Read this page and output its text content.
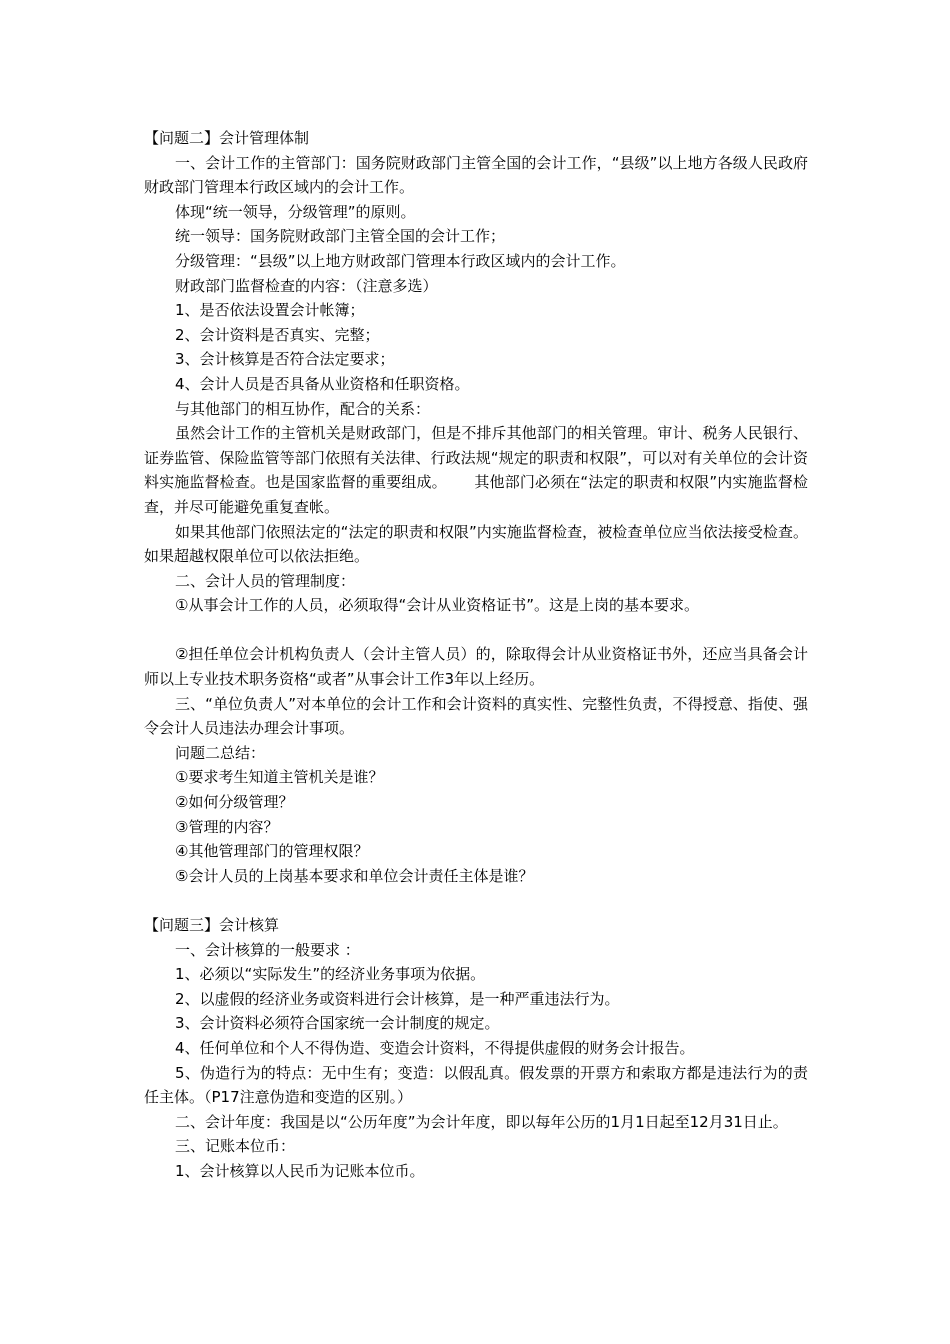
【问题二】会计管理体制

一、会计工作的主管部门：国务院财政部门主管全国的会计工作，“县级”以上地方各级人民政府财政部门管理本行政区域内的会计工作。

体现“统一领导，分级管理”的原则。

统一领导：国务院财政部门主管全国的会计工作；

分级管理：“县级”以上地方财政部门管理本行政区域内的会计工作。

财政部门监督检查的内容：（注意多选）

1、是否依法设置会计帐簿；

2、会计资料是否真实、完整；

3、会计核算是否符合法定要求；

4、会计人员是否具备从业资格和任职资格。

与其他部门的相互协作，配合的关系：

虽然会计工作的主管机关是财政部门，但是不排斥其他部门的相关管理。审计、税务人民银行、证券监管、保险监管等部门依照有关法律、行政法规“规定的职责和权限”，可以对有关单位的会计资料实施监督检查。也是国家监督的重要组成。　　 其他部门必须在“法定的职责和权限”内实施监督检查，并尽可能避免重复查帐。

如果其他部门依照法定的“法定的职责和权限”内实施监督检查，被检查单位应当依法接受检查。如果超越权限单位可以依法拒绝。

二、会计人员的管理制度：

①从事会计工作的人员，必须取得“会计从业资格证书”。这是上岗的基本要求。

②担任单位会计机构负责人（会计主管人员）的，除取得会计从业资格证书外，还应当具备会计师以上专业技术职务资格“或者”从事会计工作3年以上经历。

三、“单位负责人”对本单位的会计工作和会计资料的真实性、完整性负责，不得授意、指使、强令会计人员违法办理会计事项。

问题二总结：

①要求考生知道主管机关是谁？

②如何分级管理？

③管理的内容？

④其他管理部门的管理权限？

⑤会计人员的上岗基本要求和单位会计责任主体是谁？

【问题三】会计核算

一、会计核算的一般要求 ：

1、必须以“实际发生”的经济业务事项为依据。

2、以虚假的经济业务或资料进行会计核算，是一种严重违法行为。

3、会计资料必须符合国家统一会计制度的规定。

4、任何单位和个人不得伪造、变造会计资料，不得提供虚假的财务会计报告。

5、伪造行为的特点：无中生有；变造：以假乱真。假发票的开票方和索取方都是违法行为的责任主体。（P17注意伪造和变造的区别。）

二、会计年度：我国是以“公历年度”为会计年度，即以每年公历的1月1日起至12月31日止。

三、记账本位币：

1、会计核算以人民币为记账本位币。
